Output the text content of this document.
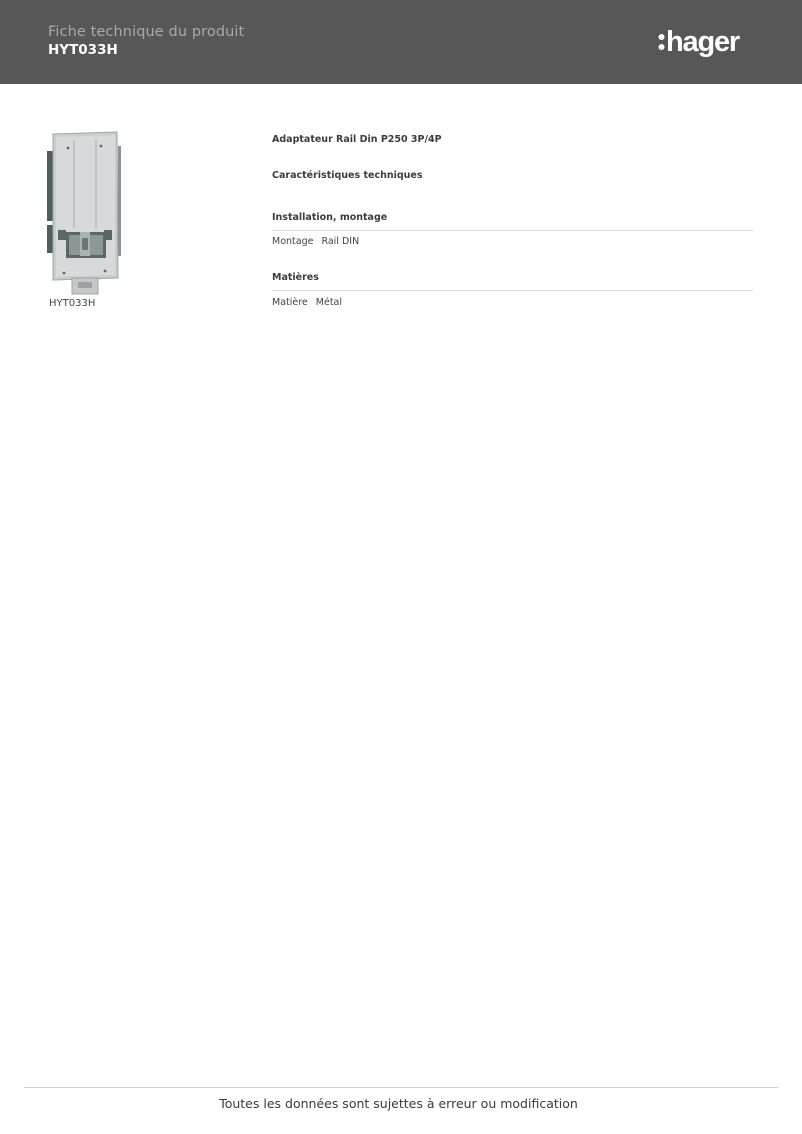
Fiche technique du produit
HYT033H	hager
HYT033H
Adaptateur Rail Din P250 3P/4P
Caractéristiques techniques
Installation, montage
Montage Rail DIN
Matières
Matière Métal
Toutes les données sont sujettes à erreur ou modification
